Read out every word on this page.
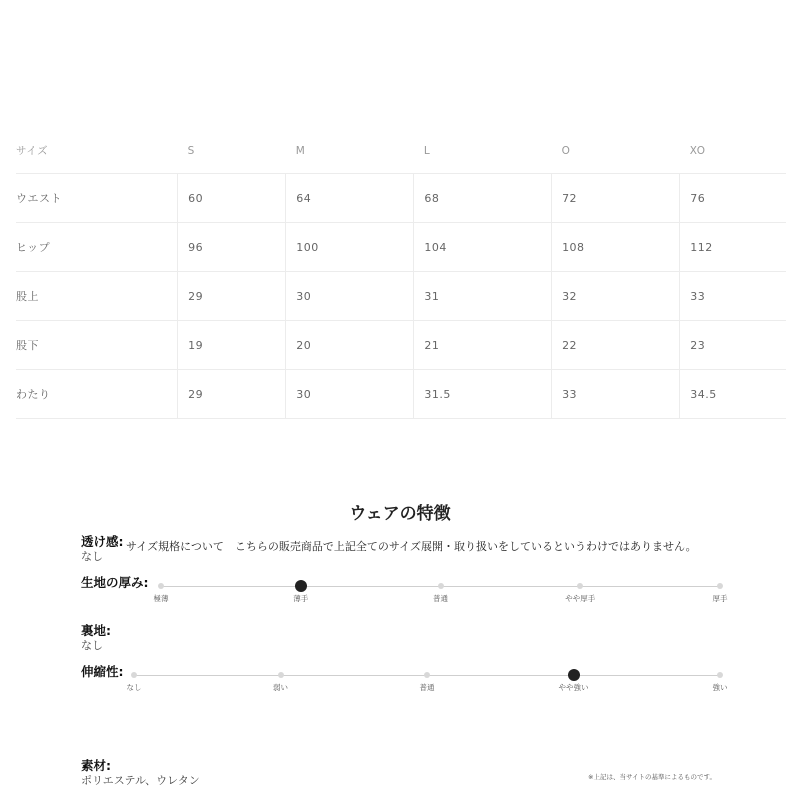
サイズ	S	M	L	O	XO
ウエスト	60	64	68	72	76
ヒップ	96	100	104	108	112
股上	29	30	31	32	33
股下	19	20	21	22	23
わたり	29	30	31.5	33	34.5
ウェアの特徴
透け感: サイズ規格について　こちらの販売商品で上記全てのサイズ展開・取り扱いをしているというわけではありません。
なし
生地の厚み:
極薄	薄手	普通	やや厚手	厚手
裏地:
なし
伸縮性:
なし	弱い	普通	やや強い	強い
素材:
ポリエステル、ウレタン	※上記は、当サイトの基準によるものです。
